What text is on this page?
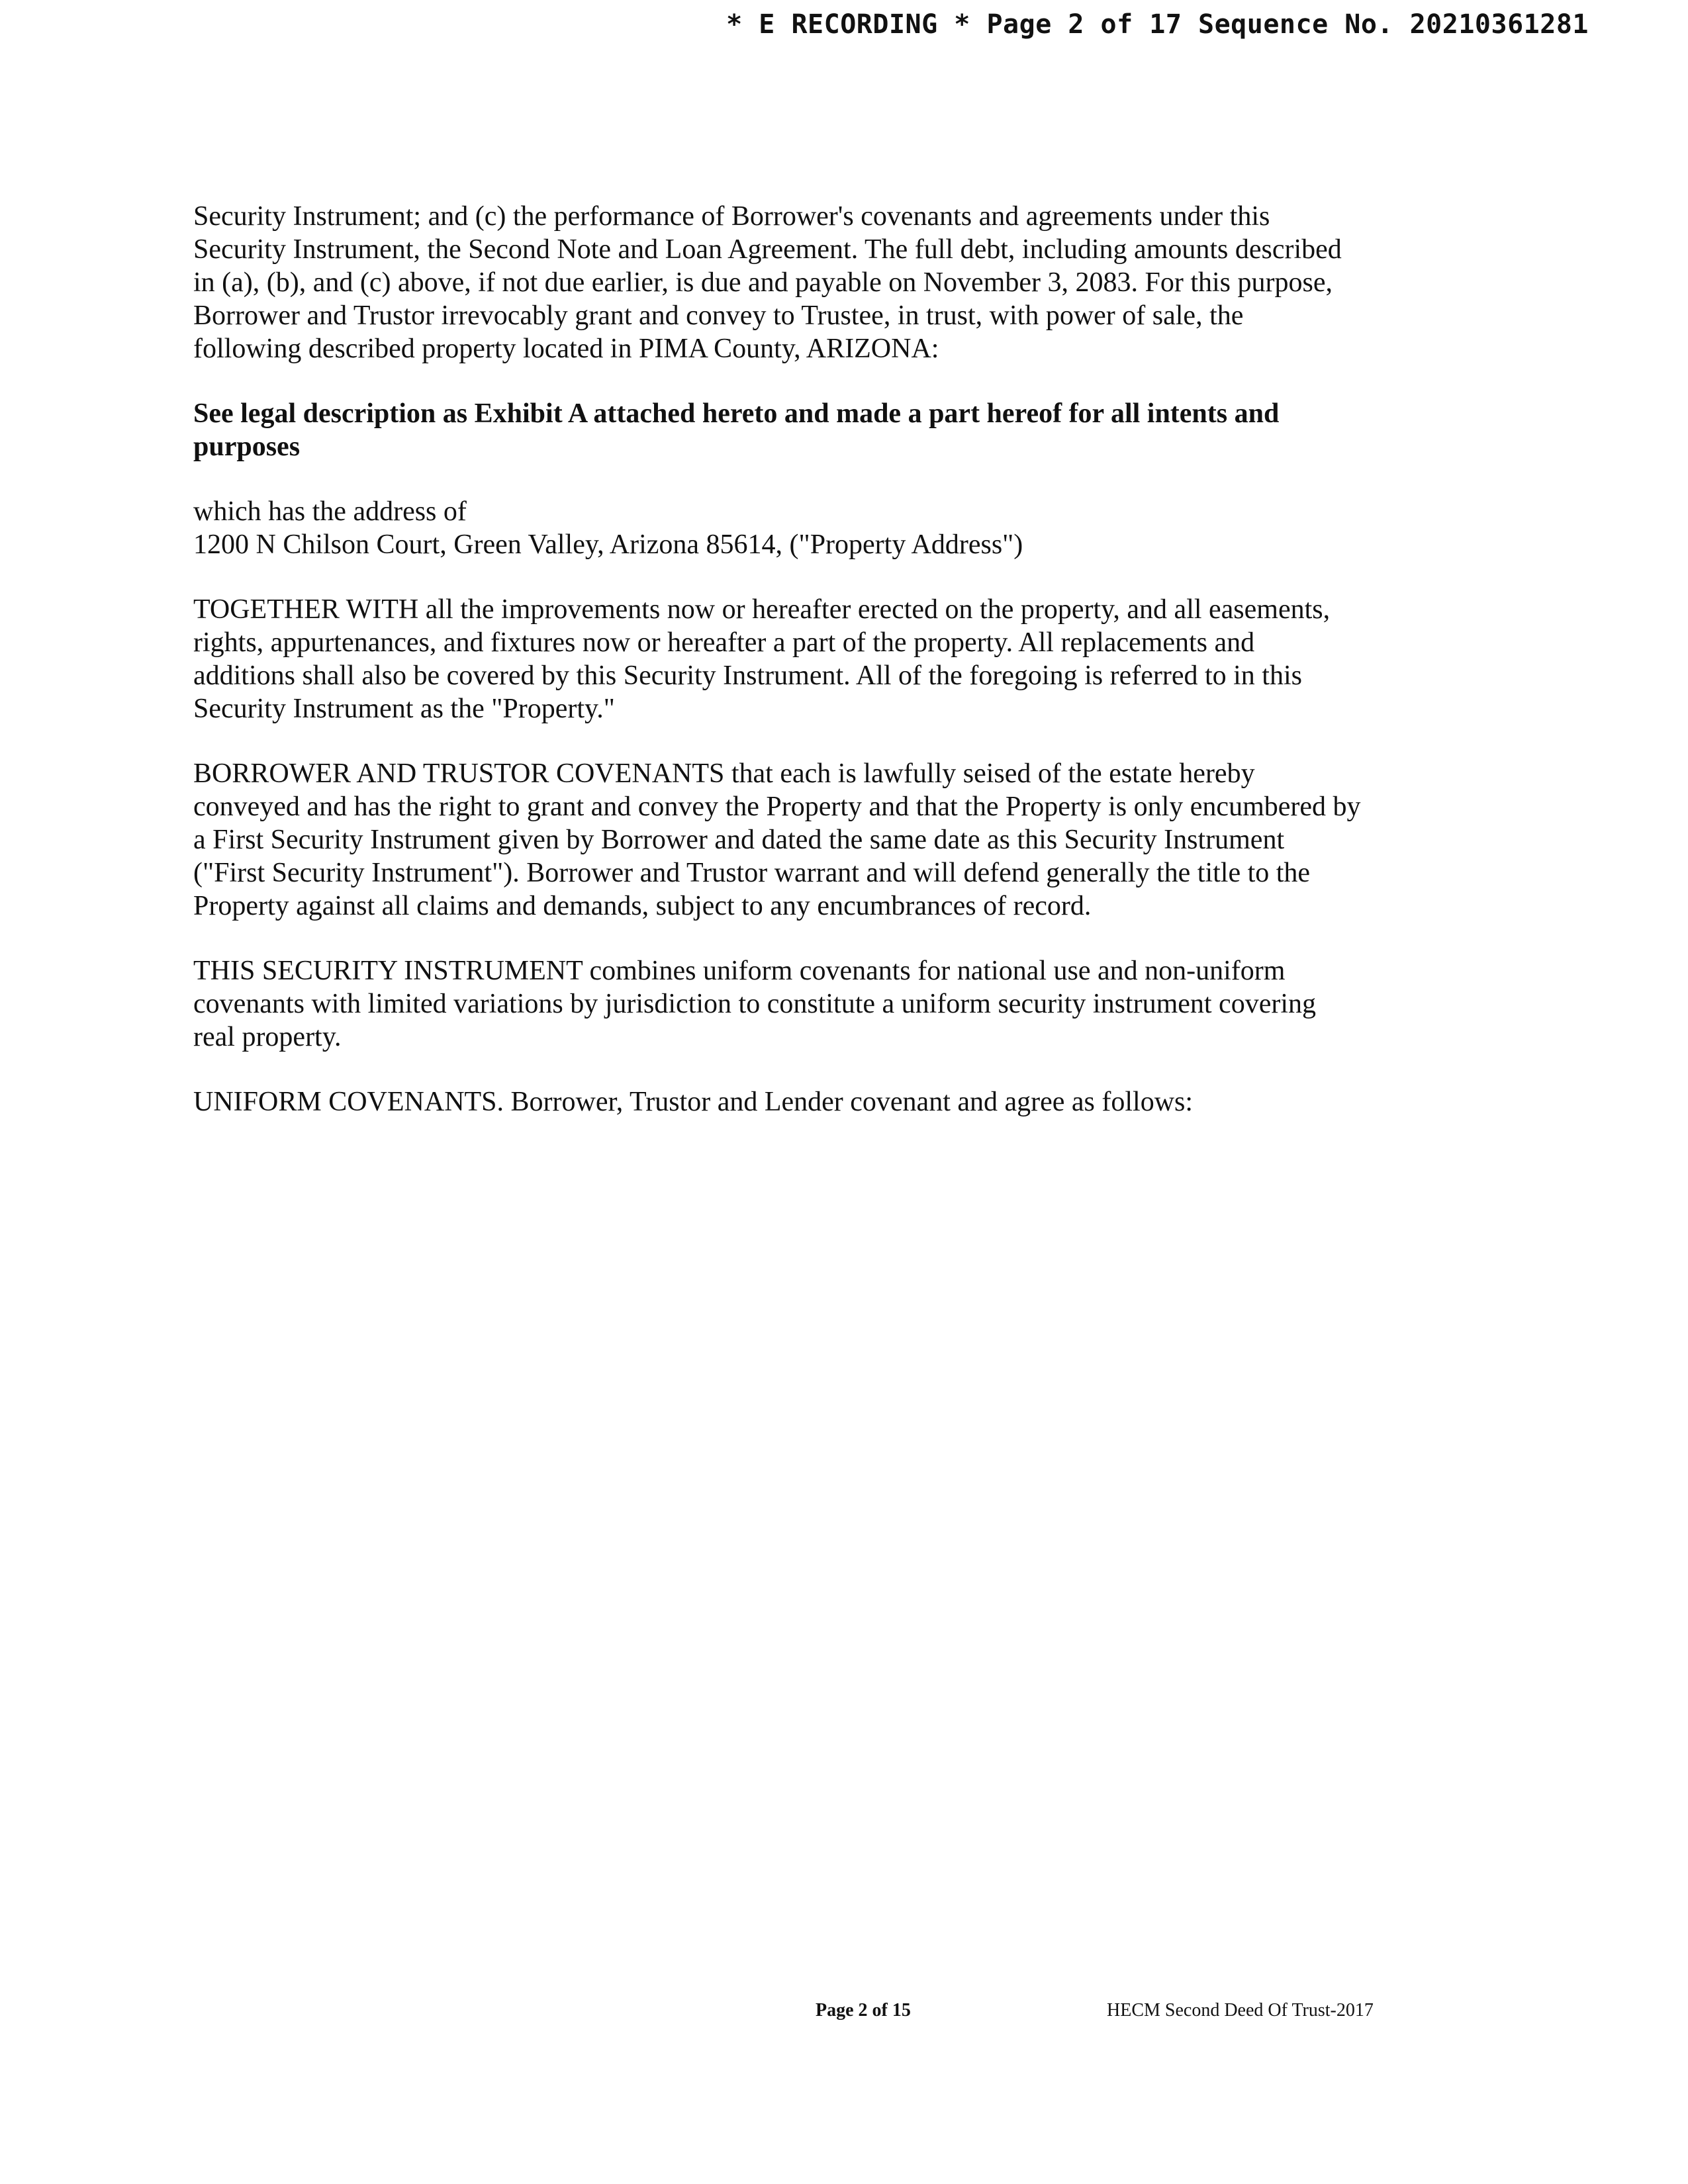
* E RECORDING * Page 2 of 17 Sequence No. 20210361281
Security Instrument; and (c) the performance of Borrower's covenants and agreements under this
Security Instrument, the Second Note and Loan Agreement. The full debt, including amounts described
in (a), (b), and (c) above, if not due earlier, is due and payable on November 3, 2083. For this purpose,
Borrower and Trustor irrevocably grant and convey to Trustee, in trust, with power of sale, the
following described property located in PIMA County, ARIZONA:
See legal description as Exhibit A attached hereto and made a part hereof for all intents and
purposes
which has the address of
1200 N Chilson Court, Green Valley, Arizona 85614, ("Property Address")
TOGETHER WITH all the improvements now or hereafter erected on the property, and all easements,
rights, appurtenances, and fixtures now or hereafter a part of the property. All replacements and
additions shall also be covered by this Security Instrument. All of the foregoing is referred to in this
Security Instrument as the "Property."
BORROWER AND TRUSTOR COVENANTS that each is lawfully seised of the estate hereby
conveyed and has the right to grant and convey the Property and that the Property is only encumbered by
a First Security Instrument given by Borrower and dated the same date as this Security Instrument
("First Security Instrument"). Borrower and Trustor warrant and will defend generally the title to the
Property against all claims and demands, subject to any encumbrances of record.
THIS SECURITY INSTRUMENT combines uniform covenants for national use and non-uniform
covenants with limited variations by jurisdiction to constitute a uniform security instrument covering
real property.
UNIFORM COVENANTS. Borrower, Trustor and Lender covenant and agree as follows:
Page 2 of 15	HECM Second Deed Of Trust-2017
